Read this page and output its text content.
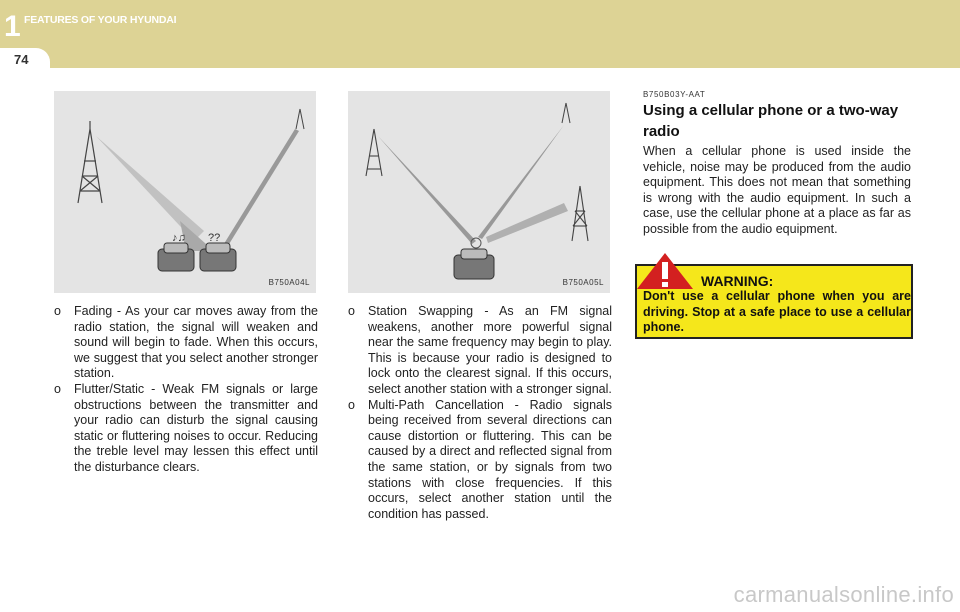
1 FEATURES OF YOUR HYUNDAI
74
♪♫ ??
B750A04L	B750A05L
o Fading - As your car moves away from the radio station, the signal will weaken and sound will begin to fade. When this occurs, we suggest that you select another stronger station.
o Flutter/Static - Weak FM signals or large obstructions between the transmitter and your radio can disturb the signal causing static or fluttering noises to occur. Reducing the treble level may lessen this effect until the disturbance clears.
o Station Swapping - As an FM signal weakens, another more powerful signal near the same frequency may begin to play. This is because your radio is designed to lock onto the clearest signal. If this occurs, select another station with a stronger signal.
o Multi-Path Cancellation - Radio signals being received from several directions can cause distortion or fluttering. This can be caused by a direct and reflected signal from the same station, or by signals from two stations with close frequencies. If this occurs, select another station until the condition has passed.
B750B03Y-AAT
Using a cellular phone or a two-way radio
When a cellular phone is used inside the vehicle, noise may be produced from the audio equipment. This does not mean that something is wrong with the audio equipment. In such a case, use the cellular phone at a place as far as possible from the audio equipment.
WARNING:
Don't use a cellular phone when you are driving. Stop at a safe place to use a cellular phone.
carmanualsonline.info
